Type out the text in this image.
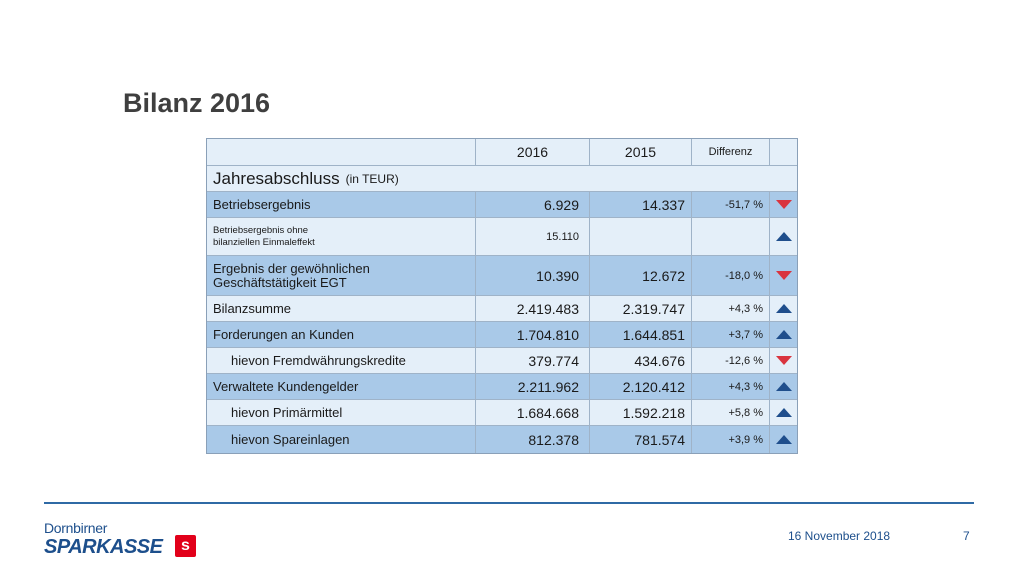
Bilanz 2016
2016	2015	Differenz
Jahresabschluss (in TEUR)
Betriebsergebnis	6.929	14.337	-51,7 %
Betriebsergebnis ohne
bilanziellen Einmaleffekt	15.110
Ergebnis der gewöhnlichen
Geschäftstätigkeit EGT	10.390	12.672	-18,0 %
Bilanzsumme	2.419.483	2.319.747	+4,3 %
Forderungen an Kunden	1.704.810	1.644.851	+3,7 %
hievon Fremdwährungskredite	379.774	434.676	-12,6 %
Verwaltete Kundengelder	2.211.962	2.120.412	+4,3 %
hievon Primärmittel	1.684.668	1.592.218	+5,8 %
hievon Spareinlagen	812.378	781.574	+3,9 %
Dornbirner
SPARKASSE s
16 November 2018	7
